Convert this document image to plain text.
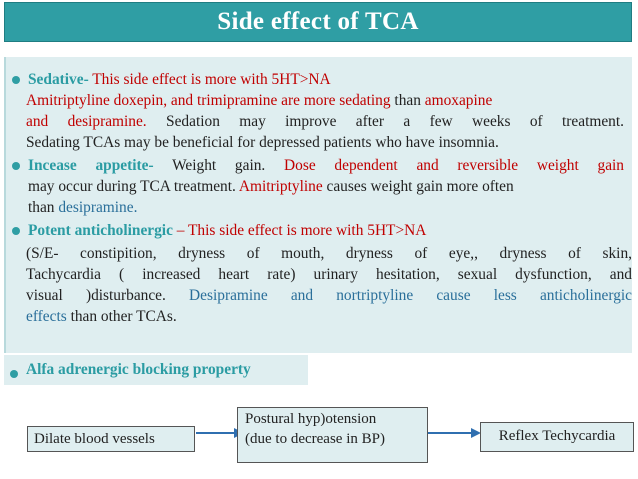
Side effect of TCA
Sedative- This side effect is more with 5HT>NA
Amitriptyline doxepin, and trimipramine are more sedating than amoxapine
and desipramine. Sedation may improve after a few weeks of treatment.
Sedating TCAs may be beneficial for depressed patients who have insomnia.
Incease appetite- Weight gain. Dose dependent and reversible weight gain
may occur during TCA treatment. Amitriptyline causes weight gain more often
than desipramine.
Potent anticholinergic – This side effect is more with 5HT>NA
(S/E- constipition, dryness of mouth, dryness of eye,, dryness of skin,
Tachycardia ( increased heart rate) urinary hesitation, sexual dysfunction, and
visual )disturbance. Desipramine and nortriptyline cause less anticholinergic
effects than other TCAs.
Alfa adrenergic blocking property
Dilate blood vessels
Postural hyp)otension
(due to decrease in BP)	Reflex Techycardia
